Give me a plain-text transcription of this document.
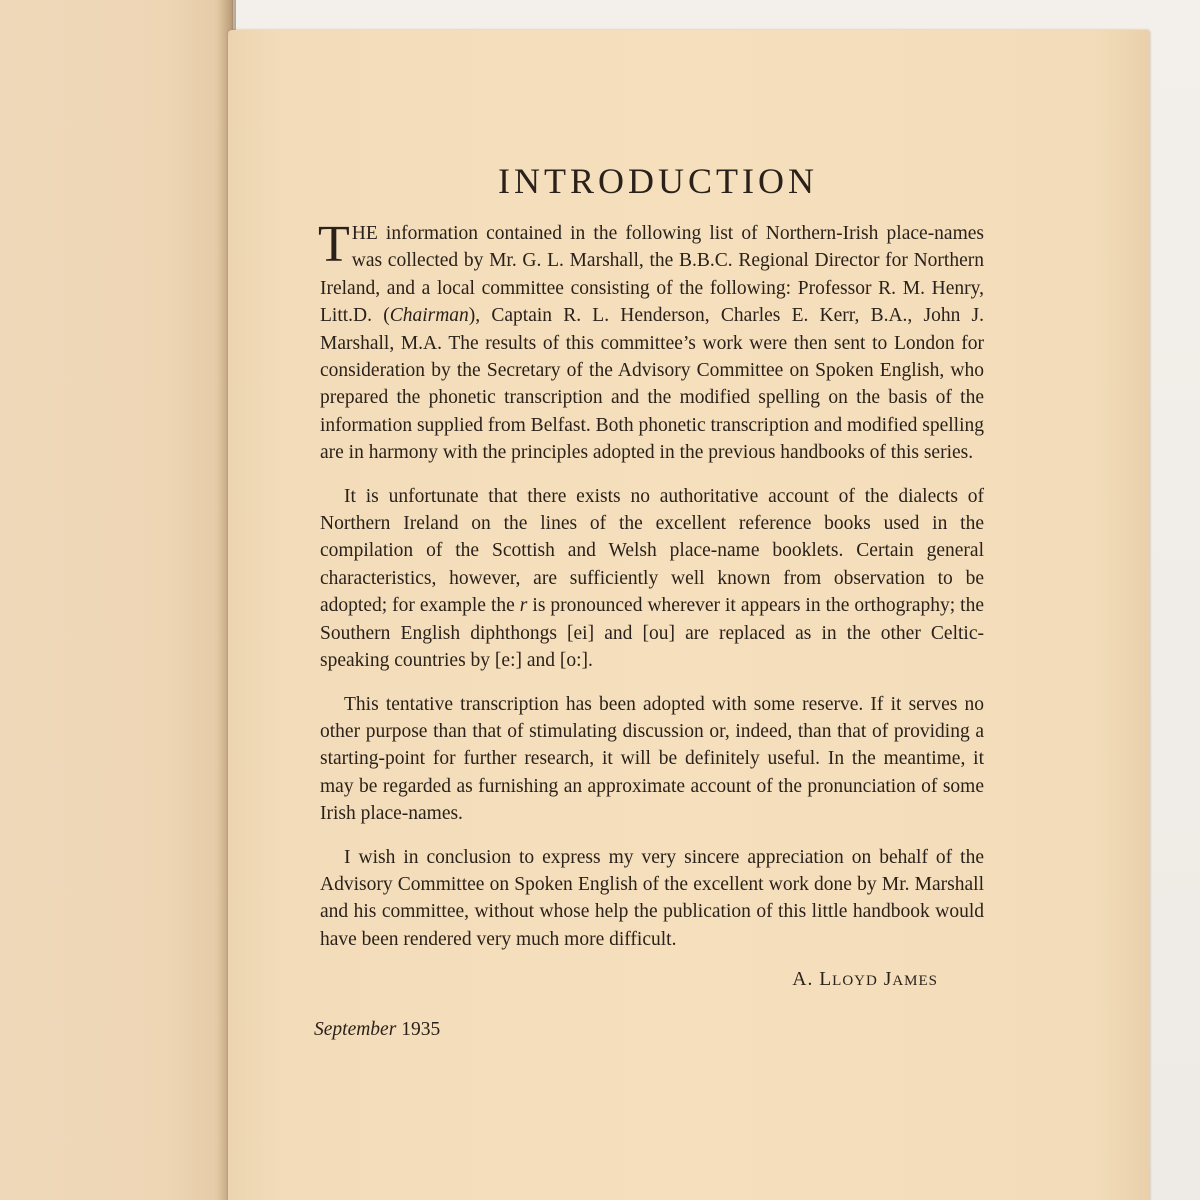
INTRODUCTION

THE information contained in the following list of Northern-Irish place-names was collected by Mr. G. L. Marshall, the B.B.C. Regional Director for Northern Ireland, and a local committee consisting of the following: Professor R. M. Henry, Litt.D. (Chairman), Captain R. L. Henderson, Charles E. Kerr, B.A., John J. Marshall, M.A. The results of this committee’s work were then sent to London for consideration by the Secretary of the Advisory Committee on Spoken English, who prepared the phonetic transcription and the modified spelling on the basis of the information supplied from Belfast. Both phonetic transcription and modified spelling are in harmony with the principles adopted in the previous handbooks of this series.

It is unfortunate that there exists no authoritative account of the dialects of Northern Ireland on the lines of the excellent reference books used in the compilation of the Scottish and Welsh place-name booklets. Certain general characteristics, however, are sufficiently well known from observation to be adopted; for example the r is pronounced wherever it appears in the orthography; the Southern English diphthongs [ei] and [ou] are replaced as in the other Celtic-speaking countries by [e:] and [o:].

This tentative transcription has been adopted with some reserve. If it serves no other purpose than that of stimulating discussion or, indeed, than that of providing a starting-point for further research, it will be definitely useful. In the meantime, it may be regarded as furnishing an approximate account of the pronunciation of some Irish place-names.

I wish in conclusion to express my very sincere appreciation on behalf of the Advisory Committee on Spoken English of the excellent work done by Mr. Marshall and his committee, without whose help the publication of this little handbook would have been rendered very much more difficult.

A. LLOYD JAMES
September 1935
